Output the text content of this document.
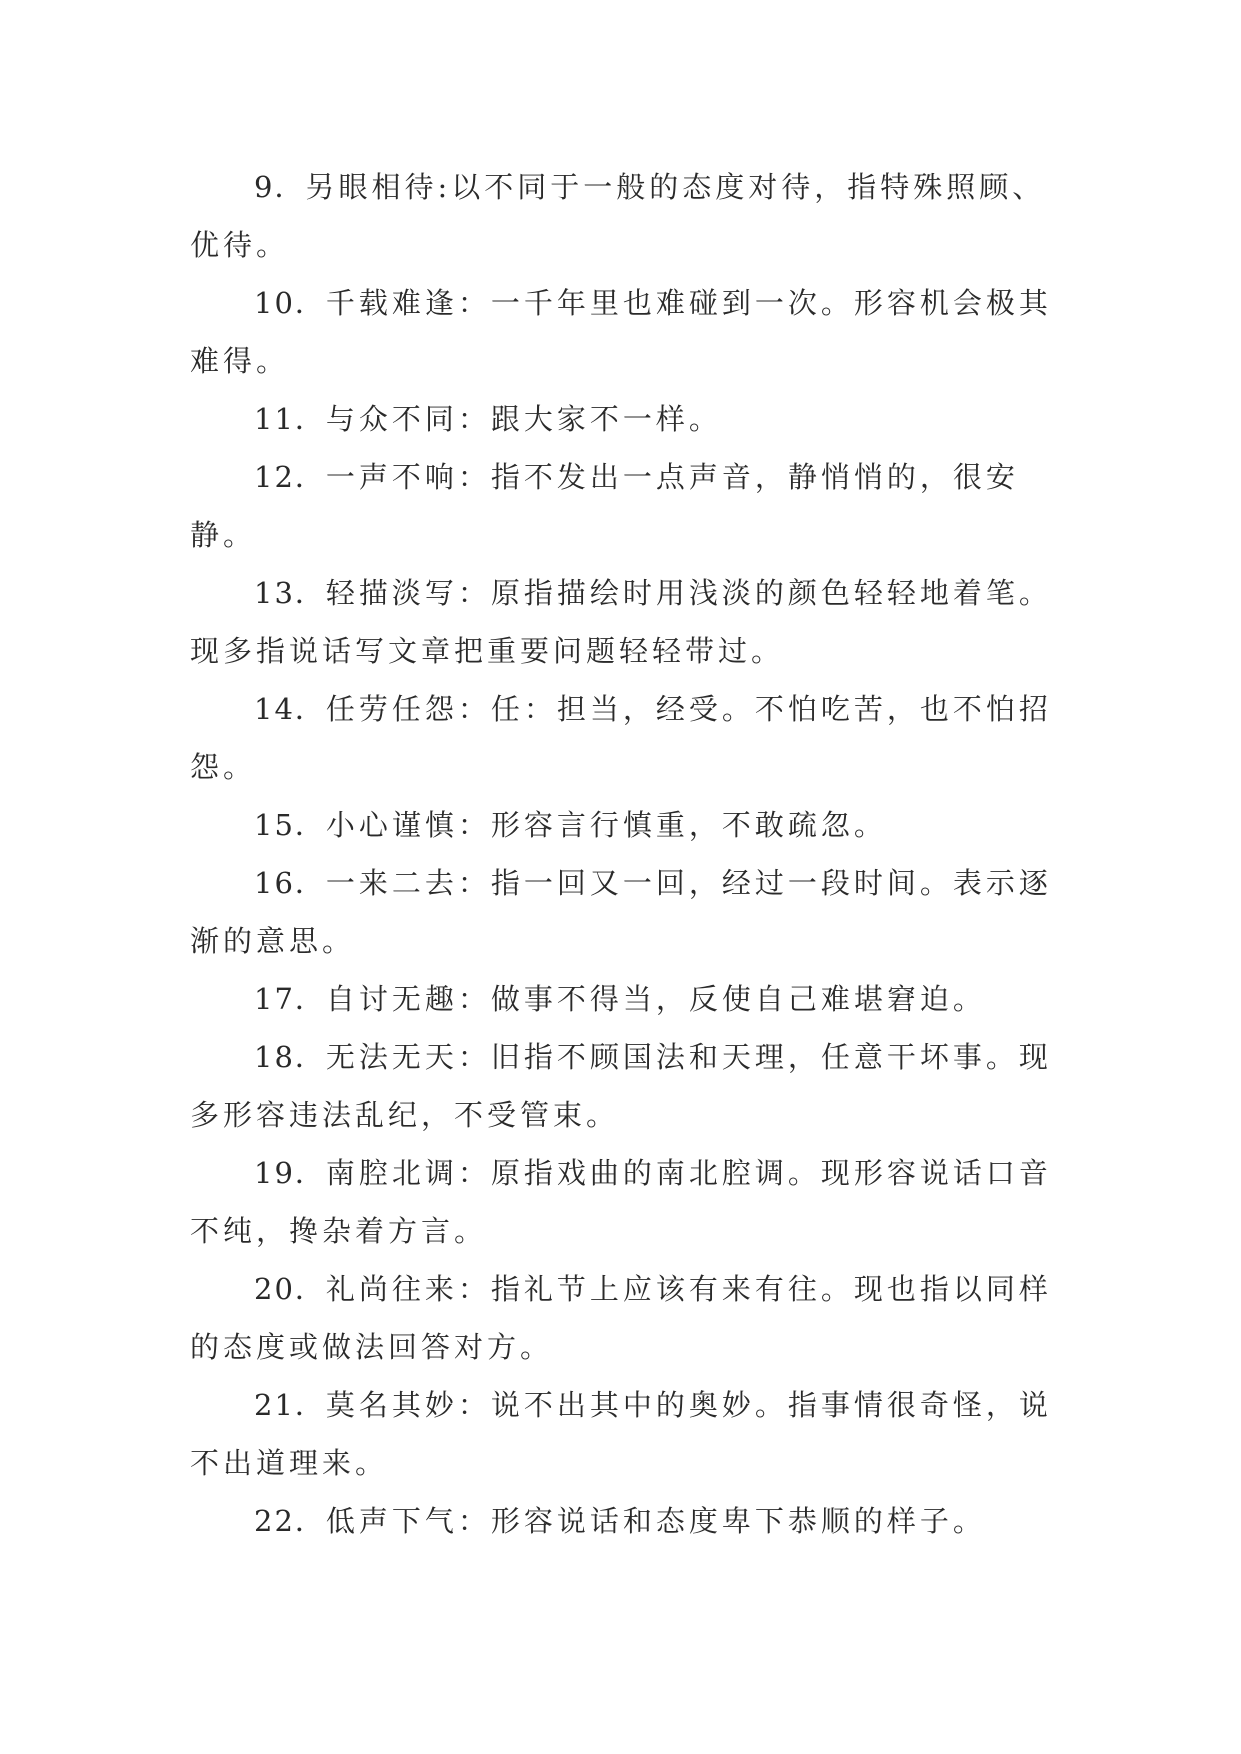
9．另眼相待:以不同于一般的态度对待，指特殊照顾、优待。

10．千载难逢：一千年里也难碰到一次。形容机会极其难得。

11．与众不同：跟大家不一样。

12．一声不响：指不发出一点声音，静悄悄的，很安静。

13．轻描淡写：原指描绘时用浅淡的颜色轻轻地着笔。现多指说话写文章把重要问题轻轻带过。

14．任劳任怨：任：担当，经受。不怕吃苦，也不怕招怨。

15．小心谨慎：形容言行慎重，不敢疏忽。

16．一来二去：指一回又一回，经过一段时间。表示逐渐的意思。

17．自讨无趣：做事不得当，反使自己难堪窘迫。

18．无法无天：旧指不顾国法和天理，任意干坏事。现多形容违法乱纪，不受管束。

19．南腔北调：原指戏曲的南北腔调。现形容说话口音不纯，搀杂着方言。

20．礼尚往来：指礼节上应该有来有往。现也指以同样的态度或做法回答对方。

21．莫名其妙：说不出其中的奥妙。指事情很奇怪，说不出道理来。

22．低声下气：形容说话和态度卑下恭顺的样子。
